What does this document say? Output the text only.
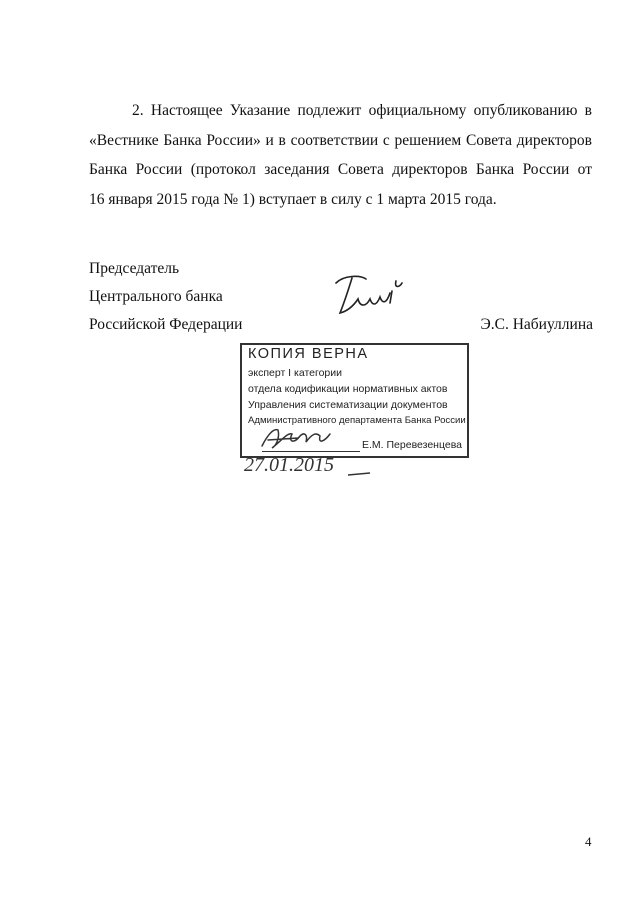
2. Настоящее Указание подлежит официальному опубликованию в
«Вестнике Банка России» и в соответствии с решением Совета директоров
Банка России (протокол заседания Совета директоров Банка России от
16 января 2015 года № 1) вступает в силу с 1 марта 2015 года.
Председатель
Центрального банка
Российской Федерации	Э.С. Набиуллина
КОПИЯ ВЕРНА
эксперт I категории
отдела кодификации нормативных актов
Управления систематизации документов
Административного департамента Банка России
Е.М. Перевезенцева
27.01.2015
4
